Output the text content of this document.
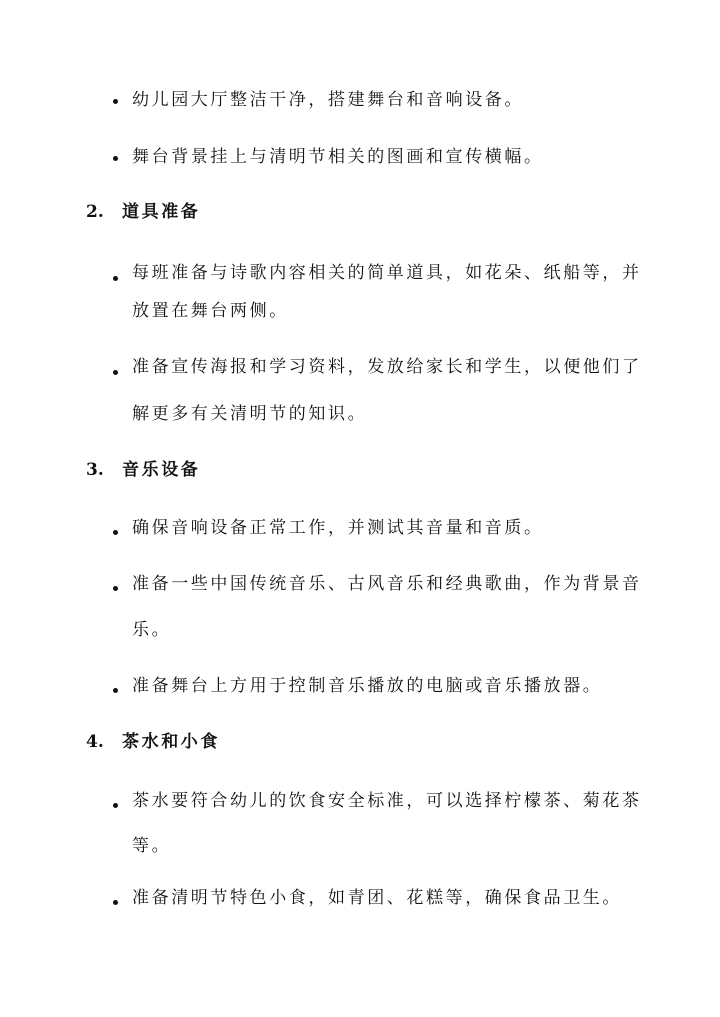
幼儿园大厅整洁干净，搭建舞台和音响设备。
舞台背景挂上与清明节相关的图画和宣传横幅。
2. 道具准备
每班准备与诗歌内容相关的简单道具，如花朵、纸船等，并
放置在舞台两侧。
准备宣传海报和学习资料，发放给家长和学生，以便他们了
解更多有关清明节的知识。
3. 音乐设备
确保音响设备正常工作，并测试其音量和音质。
准备一些中国传统音乐、古风音乐和经典歌曲，作为背景音
乐。
准备舞台上方用于控制音乐播放的电脑或音乐播放器。
4. 茶水和小食
茶水要符合幼儿的饮食安全标准，可以选择柠檬茶、菊花茶
等。
准备清明节特色小食，如青团、花糕等，确保食品卫生。
